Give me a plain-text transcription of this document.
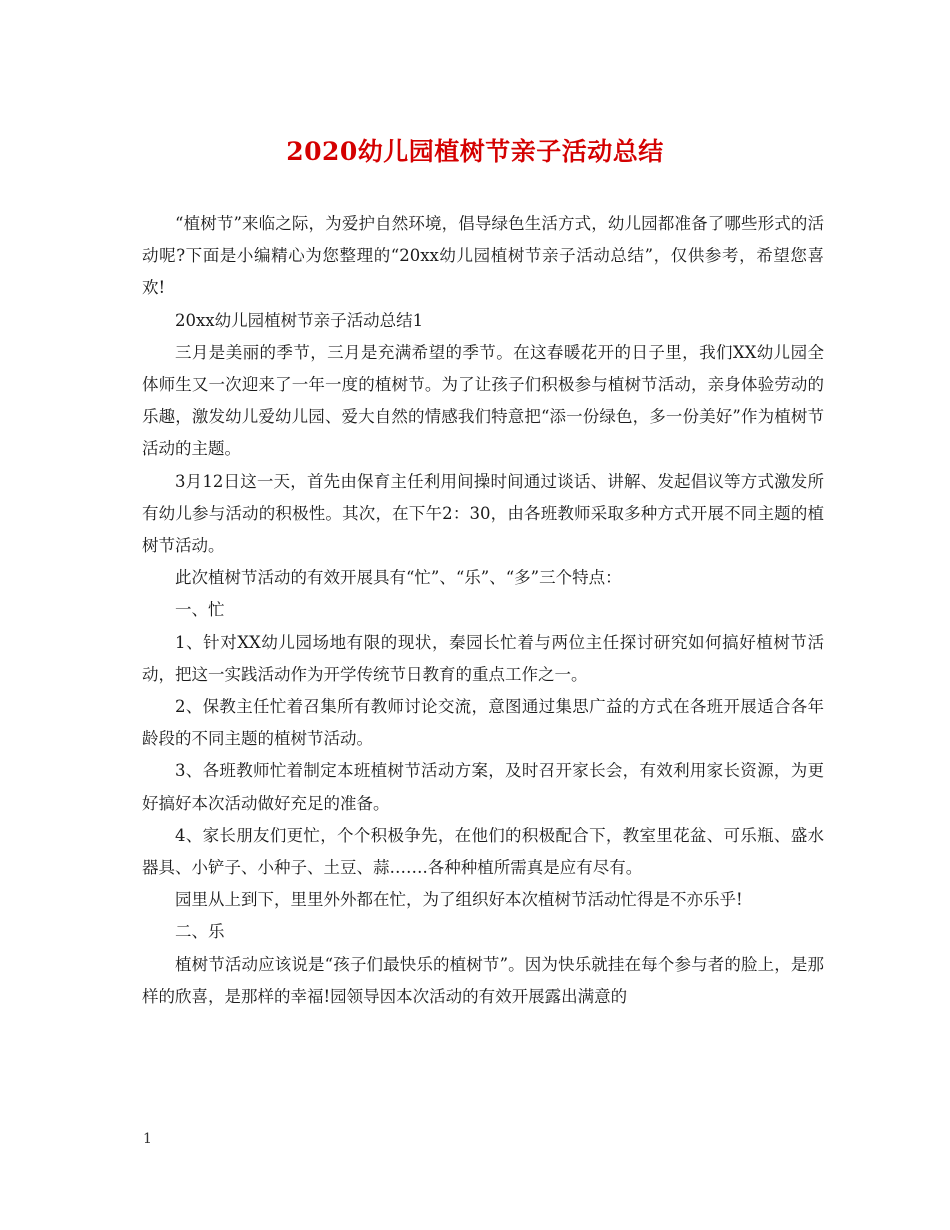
2020幼儿园植树节亲子活动总结

“植树节”来临之际，为爱护自然环境，倡导绿色生活方式，幼儿园都准备了哪些形式的活动呢?下面是小编精心为您整理的“20xx幼儿园植树节亲子活动总结”，仅供参考，希望您喜欢!

20xx幼儿园植树节亲子活动总结1

三月是美丽的季节，三月是充满希望的季节。在这春暖花开的日子里，我们XX幼儿园全体师生又一次迎来了一年一度的植树节。为了让孩子们积极参与植树节活动，亲身体验劳动的乐趣，激发幼儿爱幼儿园、爱大自然的情感我们特意把“添一份绿色，多一份美好”作为植树节活动的主题。

3月12日这一天，首先由保育主任利用间操时间通过谈话、讲解、发起倡议等方式激发所有幼儿参与活动的积极性。其次，在下午2：30，由各班教师采取多种方式开展不同主题的植树节活动。

此次植树节活动的有效开展具有“忙”、“乐”、“多”三个特点：

一、忙

1、针对XX幼儿园场地有限的现状，秦园长忙着与两位主任探讨研究如何搞好植树节活动，把这一实践活动作为开学传统节日教育的重点工作之一。

2、保教主任忙着召集所有教师讨论交流，意图通过集思广益的方式在各班开展适合各年龄段的不同主题的植树节活动。

3、各班教师忙着制定本班植树节活动方案，及时召开家长会，有效利用家长资源，为更好搞好本次活动做好充足的准备。

4、家长朋友们更忙，个个积极争先，在他们的积极配合下，教室里花盆、可乐瓶、盛水器具、小铲子、小种子、土豆、蒜…….各种种植所需真是应有尽有。

园里从上到下，里里外外都在忙，为了组织好本次植树节活动忙得是不亦乐乎!

二、乐

植树节活动应该说是“孩子们最快乐的植树节”。因为快乐就挂在每个参与者的脸上，是那样的欣喜，是那样的幸福!园领导因本次活动的有效开展露出满意的

1
